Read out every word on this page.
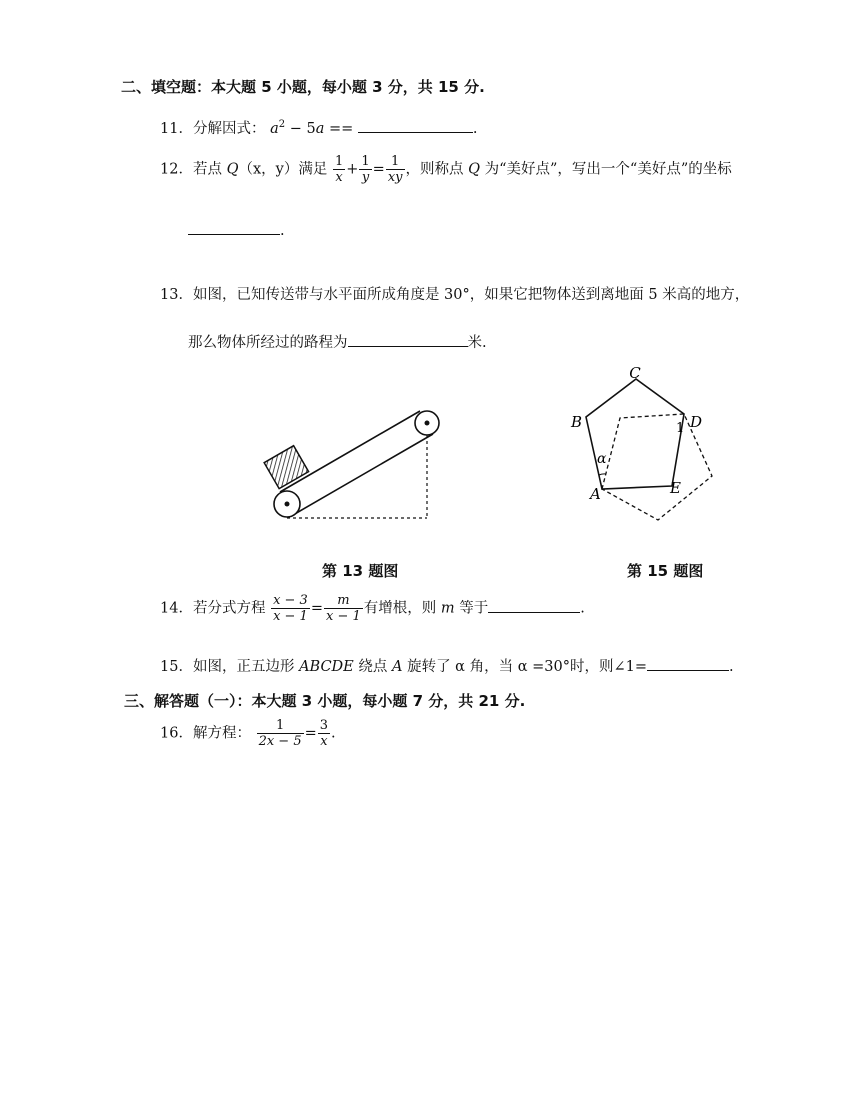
二、填空题：本大题 5 小题，每小题 3 分，共 15 分.
11．分解因式： $a^2 - 5a$ ==	.
12．若点 Q（x，y）满足 $\frac{1}{x} + \frac{1}{y} = \frac{1}{xy}$ ，则称点 Q 为“美好点”，写出一个“美好点”的坐标
.
13．如图，已知传送带与水平面所成角度是 30°，如果它把物体送到离地面 5 米高的地方，
那么物体所经过的路程为	米.
C
B	D
1
E
A
α
第 13 题图	第 15 题图
14．若分式方程 $\frac{x - 3}{x - 1} = \frac{m}{x - 1}$ 有增根，则 m 等于	.
15．如图，正五边形 ABCDE 绕点 A 旋转了 α 角，当 α =30°时，则∠1=	.
三、解答题（一）：本大题 3 小题，每小题 7 分，共 21 分.
16．解方程： $\frac{1}{2x - 5} = \frac{3}{x}$ .
